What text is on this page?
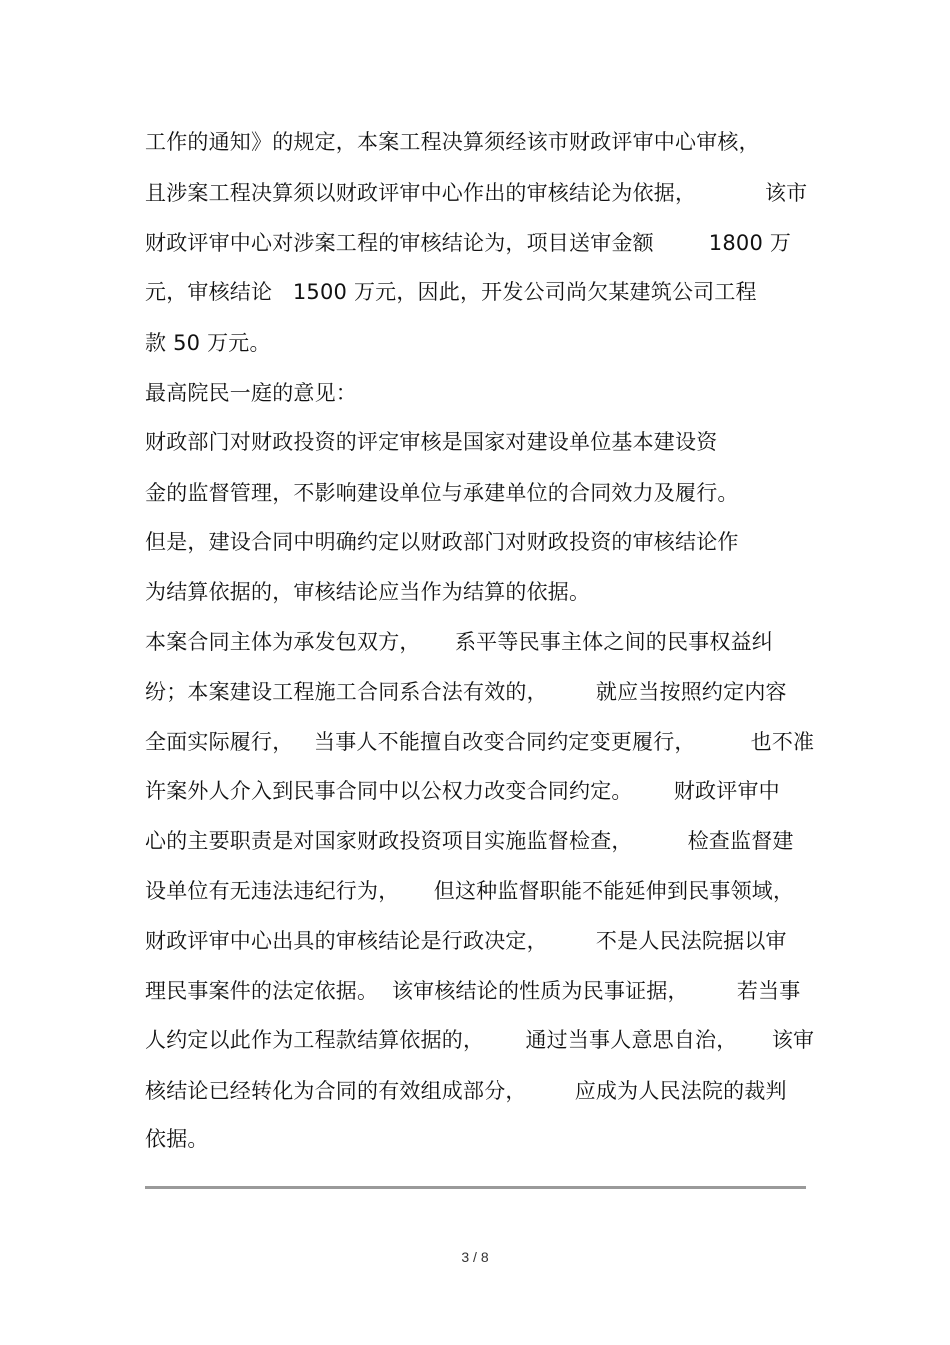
工作的通知》的规定，本案工程决算须经该市财政评审中心审核，
且涉案工程决算须以财政评审中心作出的审核结论为依据，          该市
财政评审中心对涉案工程的审核结论为，项目送审金额        1800 万
元，审核结论   1500 万元，因此，开发公司尚欠某建筑公司工程
款 50 万元。
最高院民一庭的意见：
财政部门对财政投资的评定审核是国家对建设单位基本建设资
金的监督管理，不影响建设单位与承建单位的合同效力及履行。
但是，建设合同中明确约定以财政部门对财政投资的审核结论作
为结算依据的，审核结论应当作为结算的依据。
本案合同主体为承发包双方，     系平等民事主体之间的民事权益纠
纷；本案建设工程施工合同系合法有效的，       就应当按照约定内容
全面实际履行，   当事人不能擅自改变合同约定变更履行，        也不准
许案外人介入到民事合同中以公权力改变合同约定。      财政评审中
心的主要职责是对国家财政投资项目实施监督检查，        检查监督建
设单位有无违法违纪行为，     但这种监督职能不能延伸到民事领域，
财政评审中心出具的审核结论是行政决定，       不是人民法院据以审
理民事案件的法定依据。  该审核结论的性质为民事证据，       若当事
人约定以此作为工程款结算依据的，      通过当事人意思自治，     该审
核结论已经转化为合同的有效组成部分，       应成为人民法院的裁判
依据。
3 / 8
